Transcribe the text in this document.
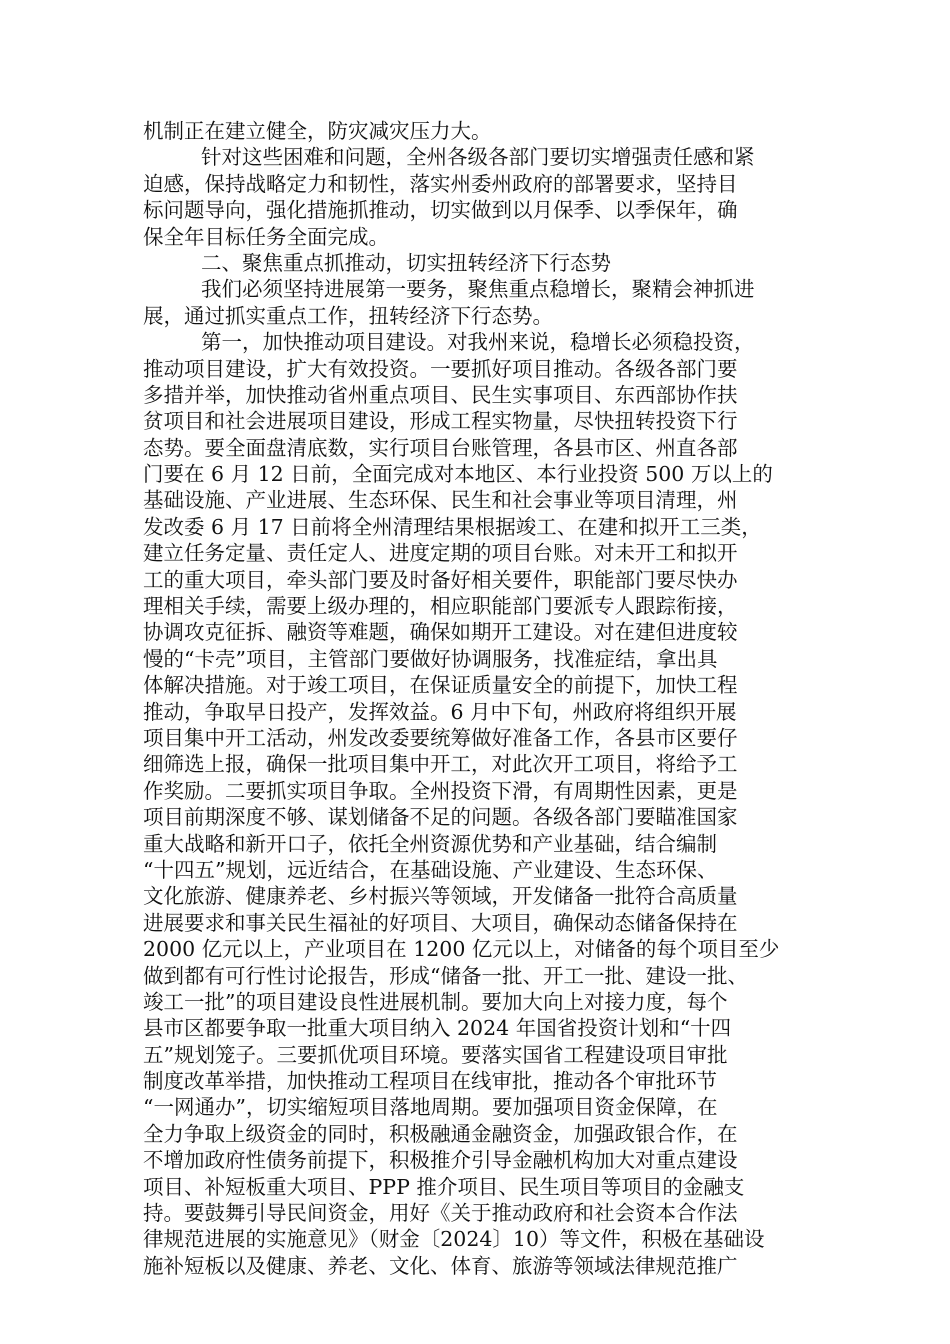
机制正在建立健全，防灾减灾压力大。
针对这些困难和问题，全州各级各部门要切实增强责任感和紧
迫感，保持战略定力和韧性，落实州委州政府的部署要求，坚持目
标问题导向，强化措施抓推动，切实做到以月保季、以季保年，确
保全年目标任务全面完成。
二、聚焦重点抓推动，切实扭转经济下行态势
我们必须坚持进展第一要务，聚焦重点稳增长，聚精会神抓进
展，通过抓实重点工作，扭转经济下行态势。
第一，加快推动项目建设。对我州来说，稳增长必须稳投资，
推动项目建设，扩大有效投资。一要抓好项目推动。各级各部门要
多措并举，加快推动省州重点项目、民生实事项目、东西部协作扶
贫项目和社会进展项目建设，形成工程实物量，尽快扭转投资下行
态势。要全面盘清底数，实行项目台账管理，各县市区、州直各部
门要在 6 月 12 日前，全面完成对本地区、本行业投资 500 万以上的
基础设施、产业进展、生态环保、民生和社会事业等项目清理，州
发改委 6 月 17 日前将全州清理结果根据竣工、在建和拟开工三类，
建立任务定量、责任定人、进度定期的项目台账。对未开工和拟开
工的重大项目，牵头部门要及时备好相关要件，职能部门要尽快办
理相关手续，需要上级办理的，相应职能部门要派专人跟踪衔接，
协调攻克征拆、融资等难题，确保如期开工建设。对在建但进度较
慢的“卡壳”项目，主管部门要做好协调服务，找准症结，拿出具
体解决措施。对于竣工项目，在保证质量安全的前提下，加快工程
推动，争取早日投产，发挥效益。6 月中下旬，州政府将组织开展
项目集中开工活动，州发改委要统筹做好准备工作，各县市区要仔
细筛选上报，确保一批项目集中开工，对此次开工项目，将给予工
作奖励。二要抓实项目争取。全州投资下滑，有周期性因素，更是
项目前期深度不够、谋划储备不足的问题。各级各部门要瞄准国家
重大战略和新开口子，依托全州资源优势和产业基础，结合编制
“十四五”规划，远近结合，在基础设施、产业建设、生态环保、
文化旅游、健康养老、乡村振兴等领域，开发储备一批符合高质量
进展要求和事关民生福祉的好项目、大项目，确保动态储备保持在
2000 亿元以上，产业项目在 1200 亿元以上，对储备的每个项目至少
做到都有可行性讨论报告，形成“储备一批、开工一批、建设一批、
竣工一批”的项目建设良性进展机制。要加大向上对接力度，每个
县市区都要争取一批重大项目纳入 2024 年国省投资计划和“十四
五”规划笼子。三要抓优项目环境。要落实国省工程建设项目审批
制度改革举措，加快推动工程项目在线审批，推动各个审批环节
“一网通办”，切实缩短项目落地周期。要加强项目资金保障，在
全力争取上级资金的同时，积极融通金融资金，加强政银合作，在
不增加政府性债务前提下，积极推介引导金融机构加大对重点建设
项目、补短板重大项目、PPP 推介项目、民生项目等项目的金融支
持。要鼓舞引导民间资金，用好《关于推动政府和社会资本合作法
律规范进展的实施意见》（财金〔2024〕10）等文件，积极在基础设
施补短板以及健康、养老、文化、体育、旅游等领域法律规范推广
